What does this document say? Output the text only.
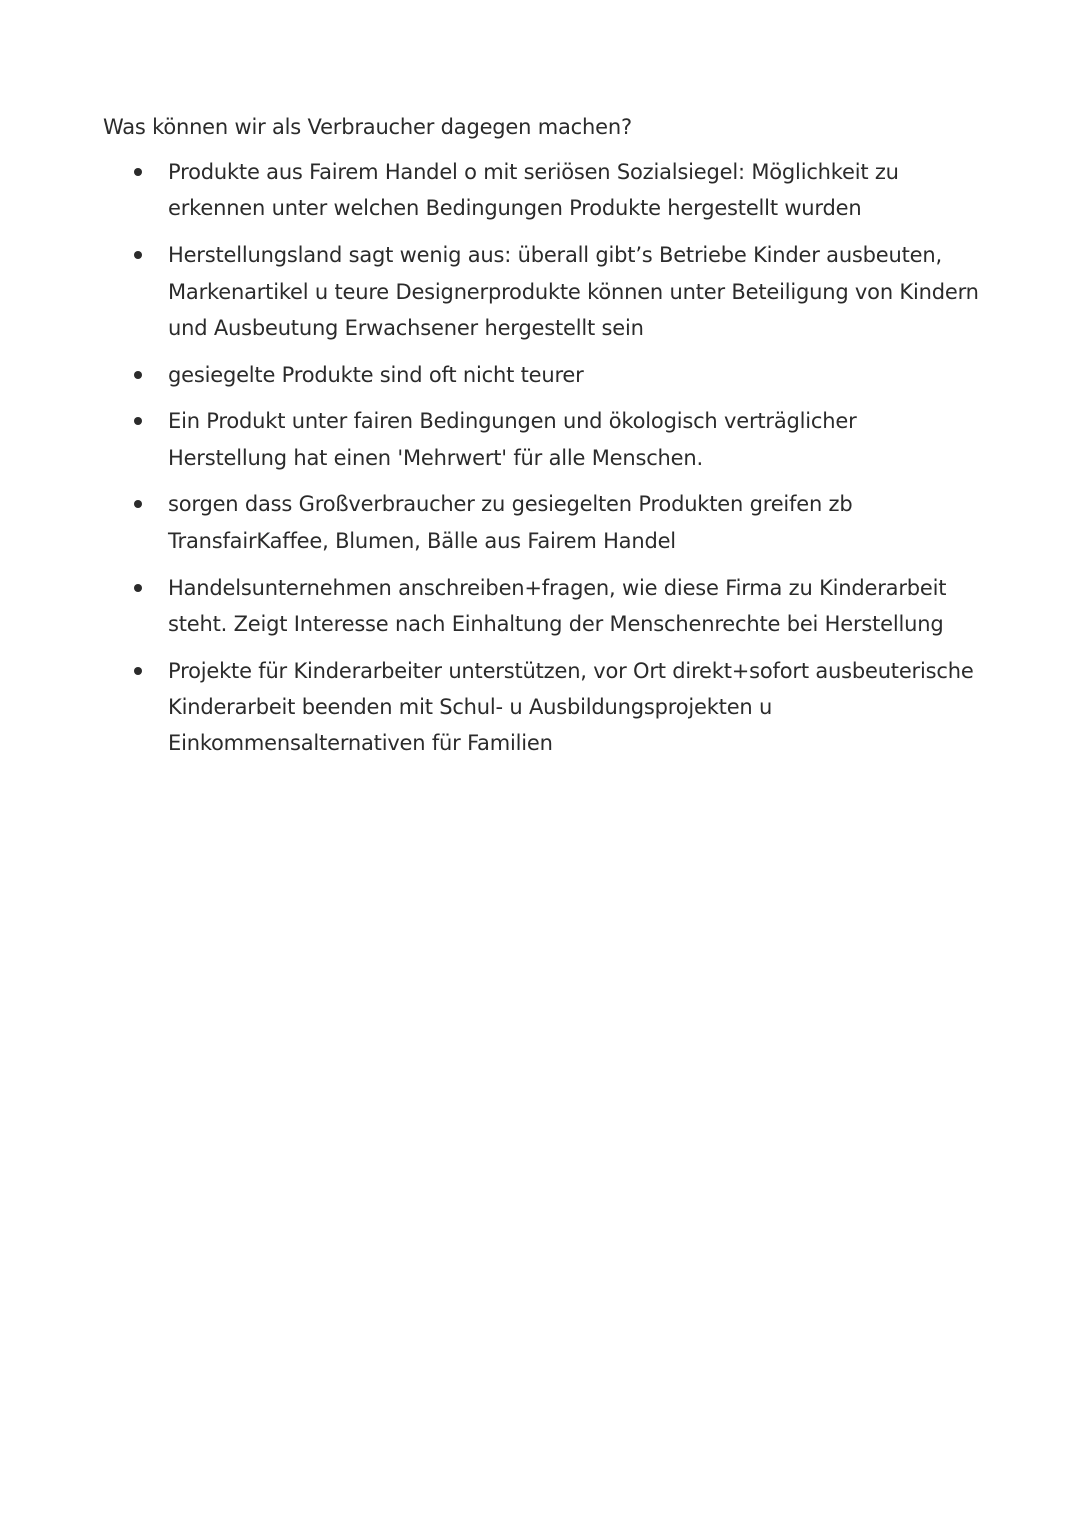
Was können wir als Verbraucher dagegen machen?

Produkte aus Fairem Handel o mit seriösen Sozialsiegel: Möglichkeit zu erkennen unter welchen Bedingungen Produkte hergestellt wurden
Herstellungsland sagt wenig aus: überall gibt’s Betriebe Kinder ausbeuten, Markenartikel u teure Designerprodukte können unter Beteiligung von Kindern und Ausbeutung Erwachsener hergestellt sein
gesiegelte Produkte sind oft nicht teurer
Ein Produkt unter fairen Bedingungen und ökologisch verträglicher Herstellung hat einen 'Mehrwert' für alle Menschen.
sorgen dass Großverbraucher zu gesiegelten Produkten greifen zb TransfairKaffee, Blumen, Bälle aus Fairem Handel
Handelsunternehmen anschreiben+fragen, wie diese Firma zu Kinderarbeit steht. Zeigt Interesse nach Einhaltung der Menschenrechte bei Herstellung
Projekte für Kinderarbeiter unterstützen, vor Ort direkt+sofort ausbeuterische Kinderarbeit beenden mit Schul- u Ausbildungsprojekten u Einkommensalternativen für Familien
